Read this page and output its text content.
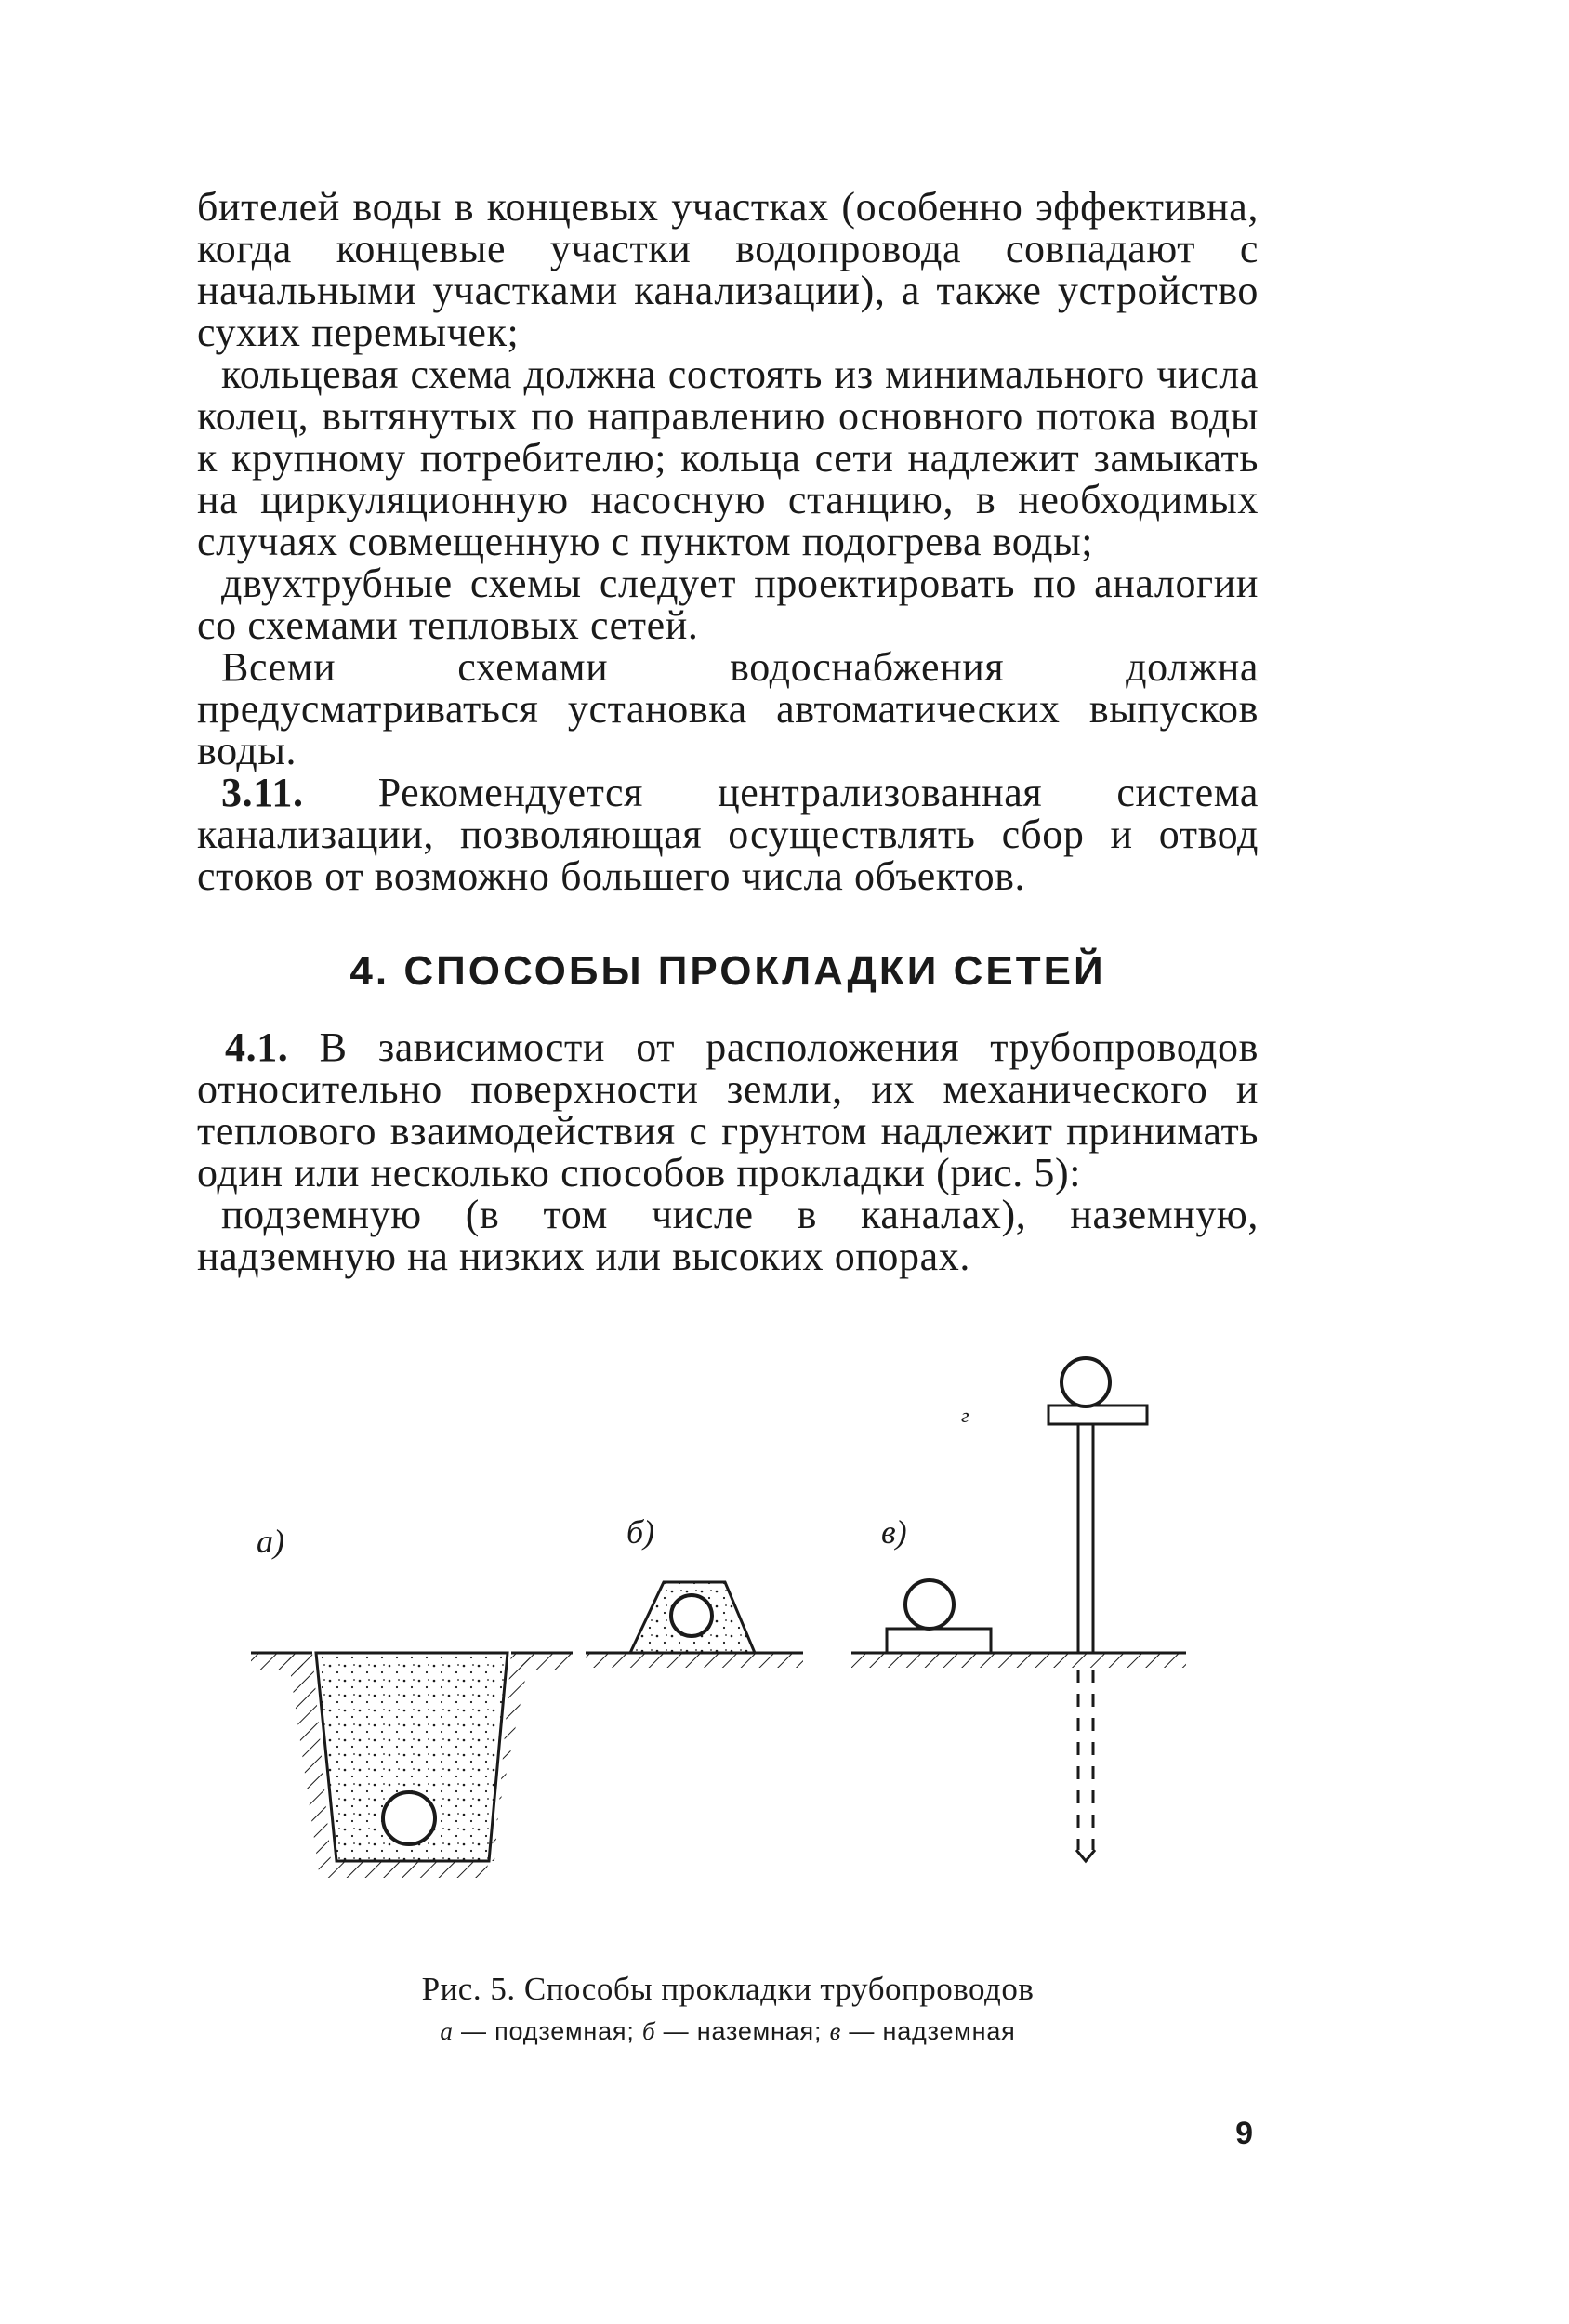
бителей воды в концевых участках (особенно эффективна, когда концевые участки водопровода совпадают с начальными участками канализации), а также устройство сухих перемычек;

кольцевая схема должна состоять из минимального числа колец, вытянутых по направлению основного потока воды к крупному потребителю; кольца сети надлежит замыкать на циркуляционную насосную станцию, в необходимых случаях совмещенную с пунктом подогрева воды;

двухтрубные схемы следует проектировать по аналогии со схемами тепловых сетей.

Всеми схемами водоснабжения должна предусматриваться установка автоматических выпусков воды.

3.11. Рекомендуется централизованная система канализации, позволяющая осуществлять сбор и отвод стоков от возможно большего числа объектов.

4. СПОСОБЫ ПРОКЛАДКИ СЕТЕЙ

4.1. В зависимости от расположения трубопроводов относительно поверхности земли, их механического и теплового взаимодействия с грунтом надлежит принимать один или несколько способов прокладки (рис. 5):

подземную (в том числе в каналах), наземную, надземную на низких или высоких опорах.

а)	б)	в)
г
Рис. 5. Способы прокладки трубопроводов
а — подземная; б — наземная; в — надземная
9
